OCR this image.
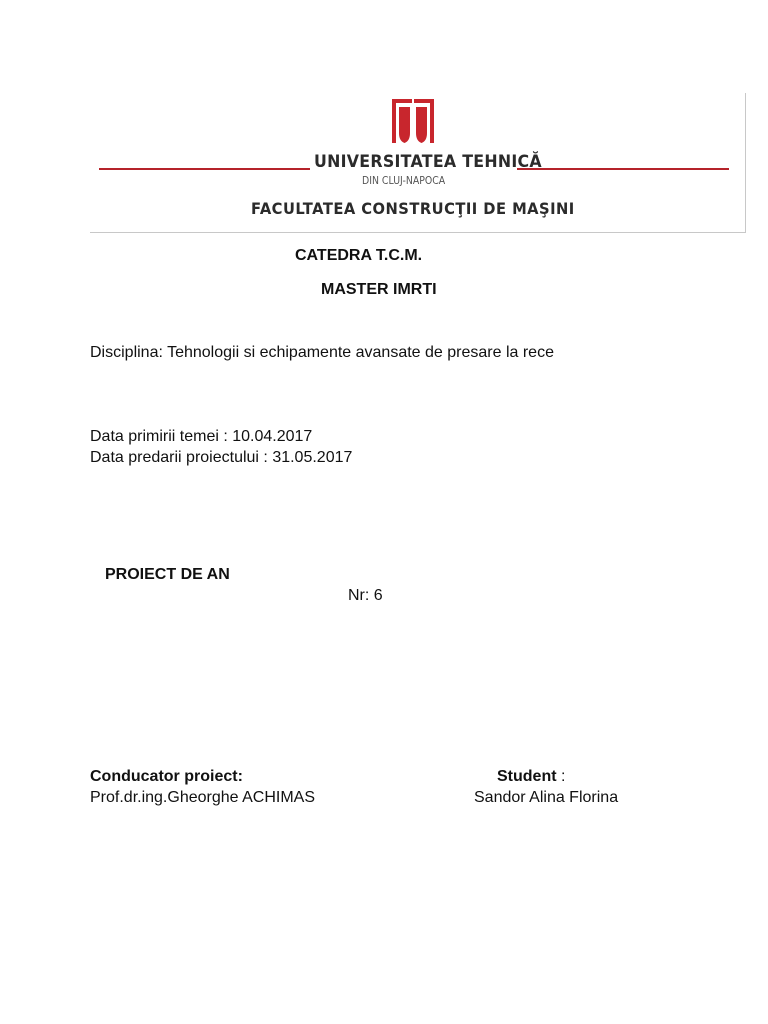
UNIVERSITATEA TEHNICĂ
DIN CLUJ-NAPOCA
FACULTATEA CONSTRUCŢII DE MAŞINI
CATEDRA T.C.M.
MASTER IMRTI
Disciplina: Tehnologii si echipamente avansate de presare la rece
Data primirii temei : 10.04.2017
Data predarii proiectului : 31.05.2017
PROIECT DE AN
Nr: 6
Conducator proiect:
Prof.dr.ing.Gheorghe ACHIMAS
Student :
Sandor Alina Florina
